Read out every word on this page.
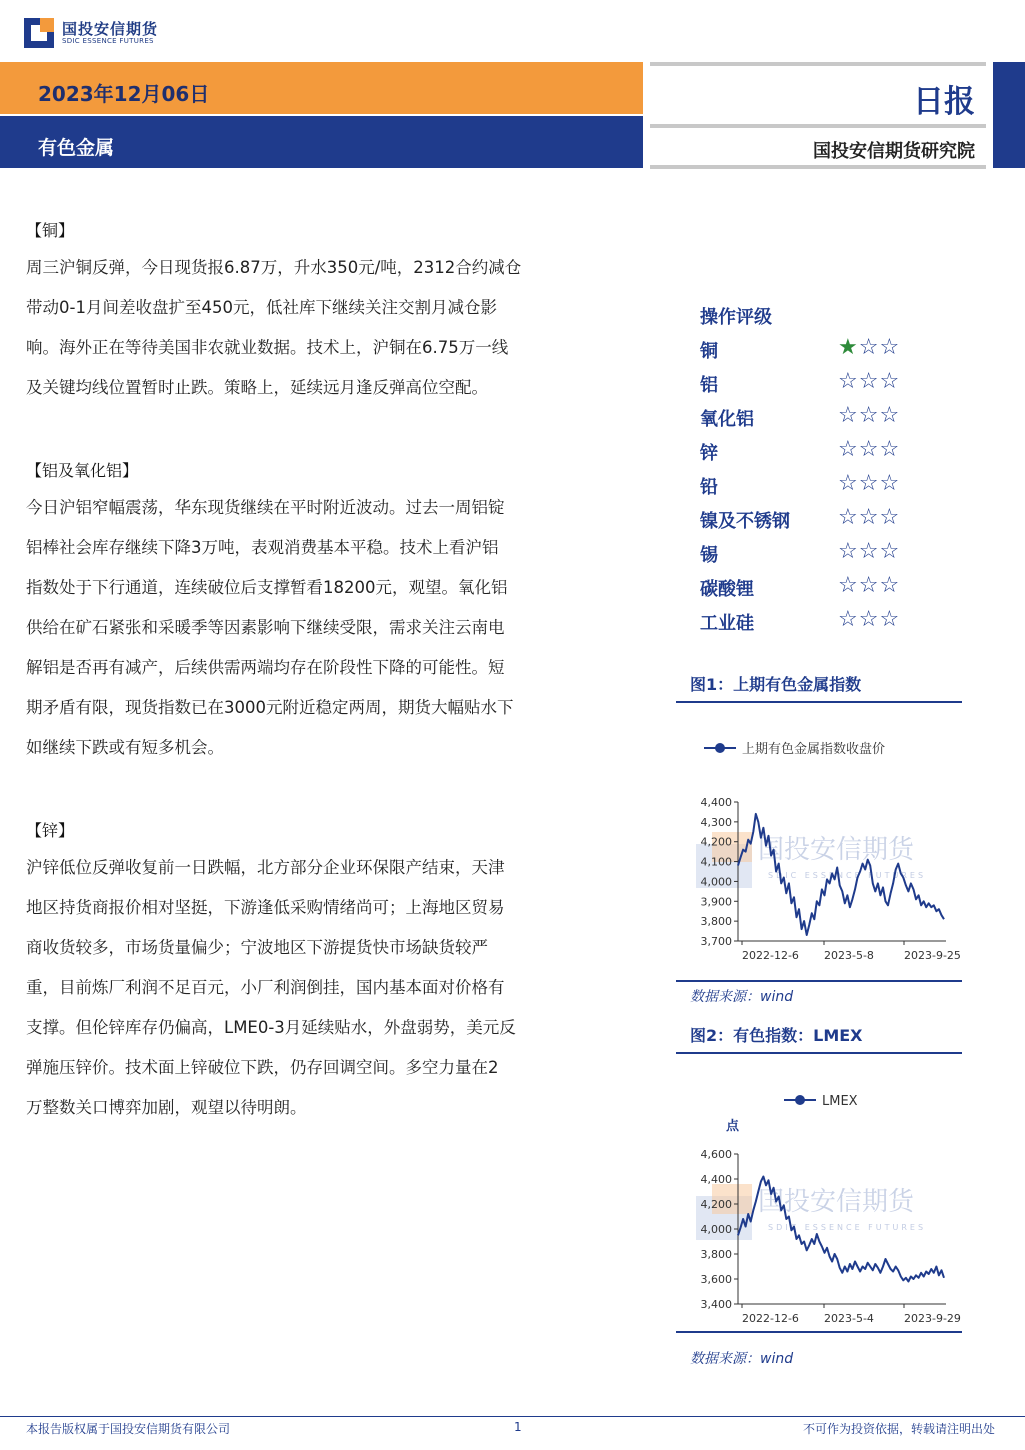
国投安信期货
SDIC ESSENCE FUTURES
2023年12月06日
有色金属
日报
国投安信期货研究院
【铜】
周三沪铜反弹，今日现货报6.87万，升水350元/吨，2312合约减仓
带动0-1月间差收盘扩至450元，低社库下继续关注交割月减仓影
响。海外正在等待美国非农就业数据。技术上，沪铜在6.75万一线
及关键均线位置暂时止跌。策略上，延续远月逢反弹高位空配。
【铝及氧化铝】
今日沪铝窄幅震荡，华东现货继续在平时附近波动。过去一周铝锭
铝棒社会库存继续下降3万吨，表观消费基本平稳。技术上看沪铝
指数处于下行通道，连续破位后支撑暂看18200元，观望。氧化铝
供给在矿石紧张和采暖季等因素影响下继续受限，需求关注云南电
解铝是否再有减产，后续供需两端均存在阶段性下降的可能性。短
期矛盾有限，现货指数已在3000元附近稳定两周，期货大幅贴水下
如继续下跌或有短多机会。
【锌】
沪锌低位反弹收复前一日跌幅，北方部分企业环保限产结束，天津
地区持货商报价相对坚挺，下游逢低采购情绪尚可；上海地区贸易
商收货较多，市场货量偏少；宁波地区下游提货快市场缺货较严
重，目前炼厂利润不足百元，小厂利润倒挂，国内基本面对价格有
支撑。但伦锌库存仍偏高，LME0-3月延续贴水，外盘弱势，美元反
弹施压锌价。技术面上锌破位下跌，仍存回调空间。多空力量在2
万整数关口博弈加剧，观望以待明朗。
操作评级
铜	★☆☆
铝	☆☆☆
氧化铝	☆☆☆
锌	☆☆☆
铅	☆☆☆
镍及不锈钢 ☆☆☆
锡	☆☆☆
碳酸锂	☆☆☆
工业硅	☆☆☆
图1：上期有色金属指数
上期有色金属指数收盘价
国投安信期货
SDIC ESSENCE FUTURES
4,400
4,300
4,200
4,100
4,000
3,900
3,800
3,700
2022-12-6 2023-5-8	2023-9-25
数据来源：wind
图2：有色指数：LMEX
LMEX
点
国投安信期货
SDIC ESSENCE FUTURES
4,600
4,400
4,200
4,000
3,800
3,600
3,400
2022-12-6 2023-5-4	2023-9-29
数据来源：wind
本报告版权属于国投安信期货有限公司	1	不可作为投资依据，转载请注明出处
